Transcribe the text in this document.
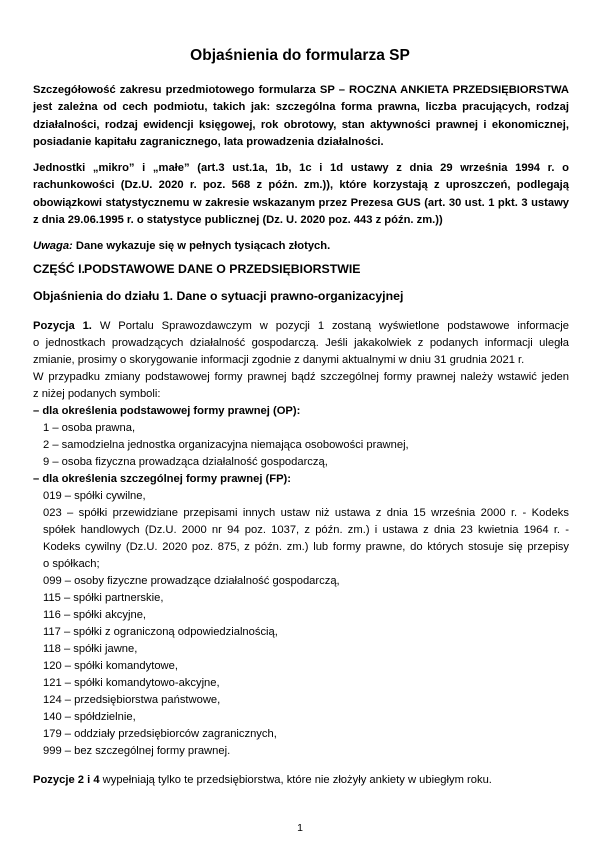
Objaśnienia do formularza SP
Szczegółowość zakresu przedmiotowego formularza SP – ROCZNA ANKIETA PRZEDSIĘBIORSTWA
jest zależna od cech podmiotu, takich jak: szczególna forma prawna, liczba pracujących, rodzaj
działalności, rodzaj ewidencji księgowej, rok obrotowy, stan aktywności prawnej i ekonomicznej,
posiadanie kapitału zagranicznego, lata prowadzenia działalności.
Jednostki „mikro” i „małe” (art.3 ust.1a, 1b, 1c i 1d ustawy z dnia 29 września 1994 r. o
rachunkowości (Dz.U. 2020 r. poz. 568 z późn. zm.)), które korzystają z uproszczeń, podlegają
obowiązkowi statystycznemu w zakresie wskazanym przez Prezesa GUS (art. 30 ust. 1 pkt. 3 ustawy
z dnia 29.06.1995 r. o statystyce publicznej (Dz. U. 2020 poz. 443 z późn. zm.))
Uwaga: Dane wykazuje się w pełnych tysiącach złotych.
CZĘŚĆ I.PODSTAWOWE DANE O PRZEDSIĘBIORSTWIE
Objaśnienia do działu 1. Dane o sytuacji prawno-organizacyjnej
Pozycja 1. W Portalu Sprawozdawczym w pozycji 1 zostaną wyświetlone podstawowe informacje
o jednostkach prowadzących działalność gospodarczą. Jeśli jakakolwiek z podanych informacji uległa
zmianie, prosimy o skorygowanie informacji zgodnie z danymi aktualnymi w dniu 31 grudnia 2021 r.
W przypadku zmiany podstawowej formy prawnej bądź szczególnej formy prawnej należy wstawić jeden
z niżej podanych symboli:
– dla określenia podstawowej formy prawnej (OP):
1 – osoba prawna,
2 – samodzielna jednostka organizacyjna niemająca osobowości prawnej,
9 – osoba fizyczna prowadząca działalność gospodarczą,
– dla określenia szczególnej formy prawnej (FP):
019 – spółki cywilne,
023 – spółki przewidziane przepisami innych ustaw niż ustawa z dnia 15 września 2000 r. - Kodeks
spółek handlowych (Dz.U. 2000 nr 94 poz. 1037, z późn. zm.) i ustawa z dnia 23 kwietnia 1964 r. -
Kodeks cywilny (Dz.U. 2020 poz. 875, z późn. zm.) lub formy prawne, do których stosuje się przepisy
o spółkach;
099 – osoby fizyczne prowadzące działalność gospodarczą,
115 – spółki partnerskie,
116 – spółki akcyjne,
117 – spółki z ograniczoną odpowiedzialnością,
118 – spółki jawne,
120 – spółki komandytowe,
121 – spółki komandytowo-akcyjne,
124 – przedsiębiorstwa państwowe,
140 – spółdzielnie,
179 – oddziały przedsiębiorców zagranicznych,
999 – bez szczególnej formy prawnej.
Pozycje 2 i 4 wypełniają tylko te przedsiębiorstwa, które nie złożyły ankiety w ubiegłym roku.
1
